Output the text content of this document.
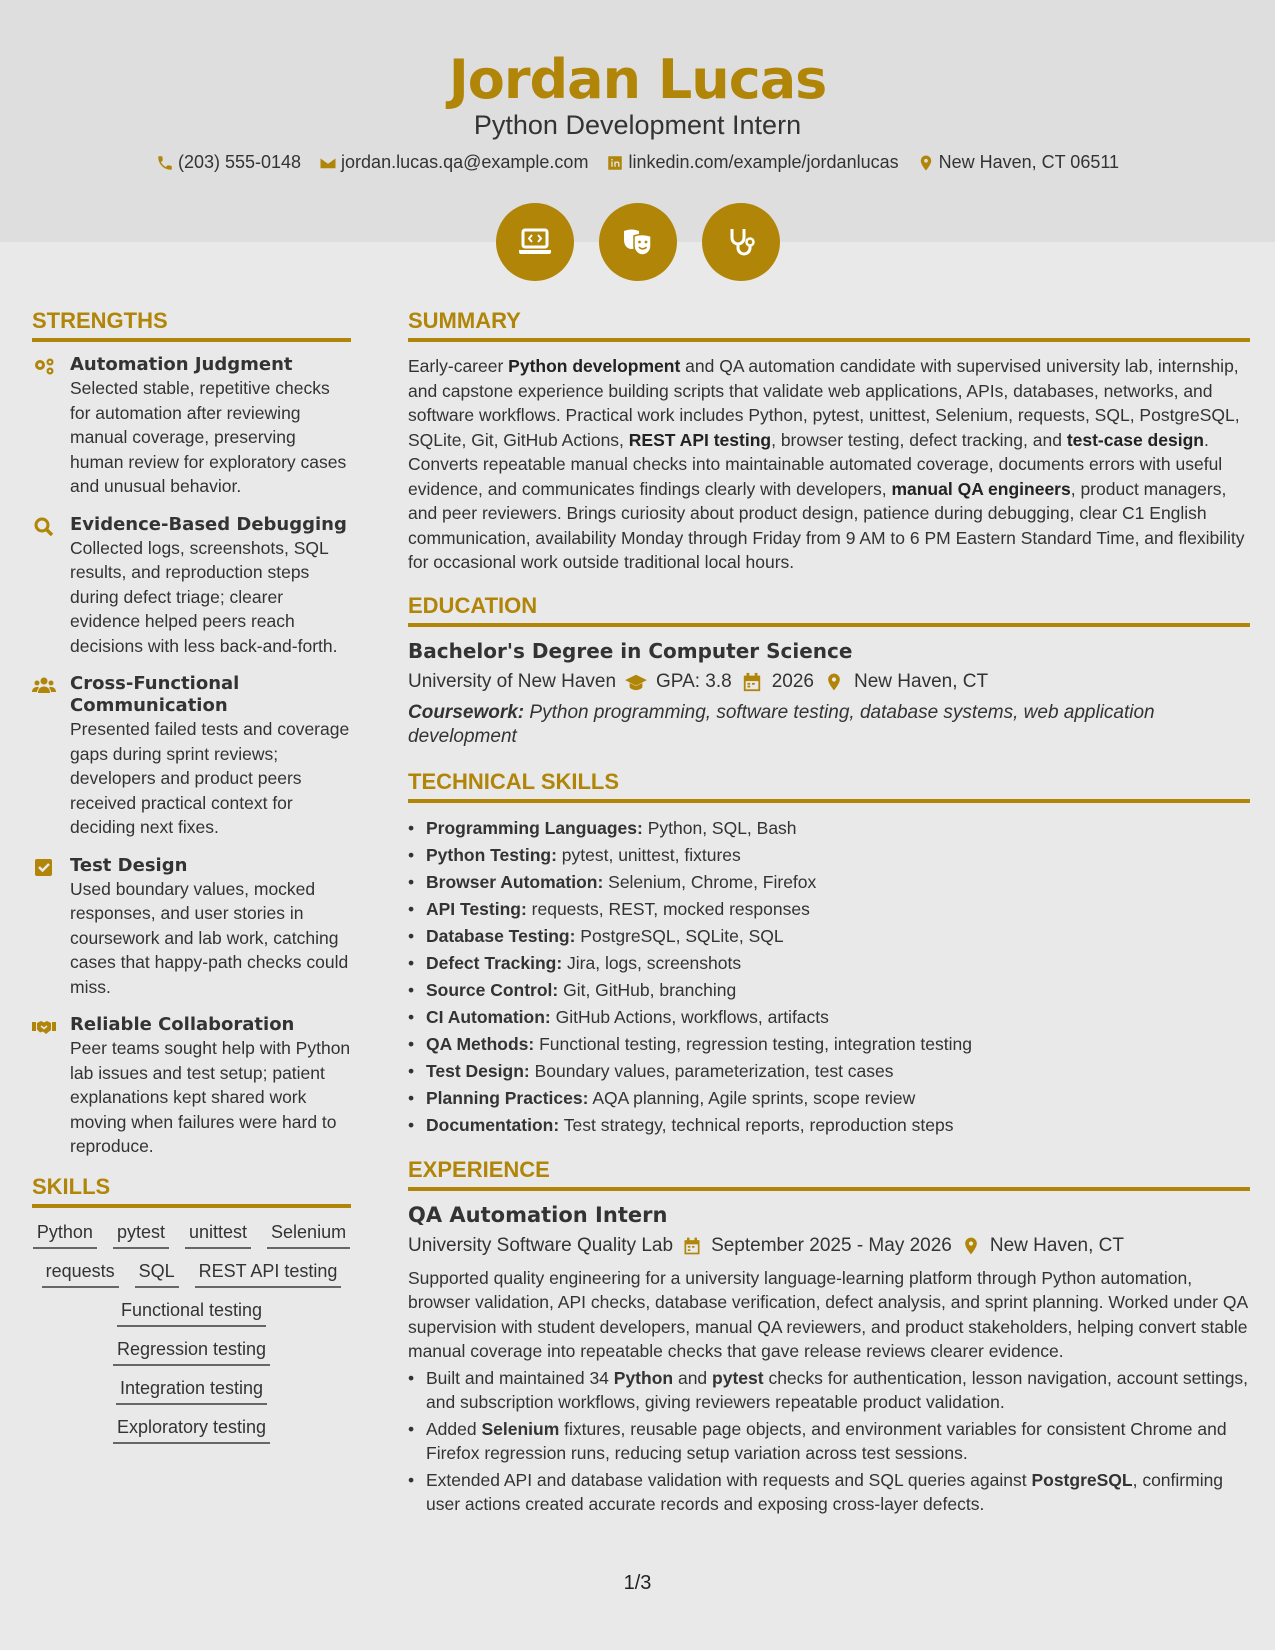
Jordan Lucas
Python Development Intern
(203) 555-0148 jordan.lucas.qa@example.com linkedin.com/example/jordanlucas New Haven, CT 06511
STRENGTHS
Automation Judgment
Selected stable, repetitive checks for automation after reviewing manual coverage, preserving human review for exploratory cases and unusual behavior.
Evidence-Based Debugging
Collected logs, screenshots, SQL results, and reproduction steps during defect triage; clearer evidence helped peers reach decisions with less back-and-forth.
Cross-Functional Communication
Presented failed tests and coverage gaps during sprint reviews; developers and product peers received practical context for deciding next fixes.
Test Design
Used boundary values, mocked responses, and user stories in coursework and lab work, catching cases that happy-path checks could miss.
Reliable Collaboration
Peer teams sought help with Python lab issues and test setup; patient explanations kept shared work moving when failures were hard to reproduce.
SKILLS
Python pytest unittest Selenium
requests SQL REST API testing
Functional testing
Regression testing
Integration testing
Exploratory testing
SUMMARY
Early-career Python development and QA automation candidate with supervised university lab, internship, and capstone experience building scripts that validate web applications, APIs, databases, networks, and software workflows. Practical work includes Python, pytest, unittest, Selenium, requests, SQL, PostgreSQL, SQLite, Git, GitHub Actions, REST API testing, browser testing, defect tracking, and test-case design. Converts repeatable manual checks into maintainable automated coverage, documents errors with useful evidence, and communicates findings clearly with developers, manual QA engineers, product managers, and peer reviewers. Brings curiosity about product design, patience during debugging, clear C1 English communication, availability Monday through Friday from 9 AM to 6 PM Eastern Standard Time, and flexibility for occasional work outside traditional local hours.
EDUCATION
Bachelor's Degree in Computer Science
University of New Haven GPA: 3.8 2026 New Haven, CT
Coursework: Python programming, software testing, database systems, web application development
TECHNICAL SKILLS
• Programming Languages: Python, SQL, Bash
• Python Testing: pytest, unittest, fixtures
• Browser Automation: Selenium, Chrome, Firefox
• API Testing: requests, REST, mocked responses
• Database Testing: PostgreSQL, SQLite, SQL
• Defect Tracking: Jira, logs, screenshots
• Source Control: Git, GitHub, branching
• CI Automation: GitHub Actions, workflows, artifacts
• QA Methods: Functional testing, regression testing, integration testing
• Test Design: Boundary values, parameterization, test cases
• Planning Practices: AQA planning, Agile sprints, scope review
• Documentation: Test strategy, technical reports, reproduction steps
EXPERIENCE
QA Automation Intern
University Software Quality Lab September 2025 - May 2026 New Haven, CT
Supported quality engineering for a university language-learning platform through Python automation, browser validation, API checks, database verification, defect analysis, and sprint planning. Worked under QA supervision with student developers, manual QA reviewers, and product stakeholders, helping convert stable manual coverage into repeatable checks that gave release reviews clearer evidence.
• Built and maintained 34 Python and pytest checks for authentication, lesson navigation, account settings, and subscription workflows, giving reviewers repeatable product validation.
• Added Selenium fixtures, reusable page objects, and environment variables for consistent Chrome and Firefox regression runs, reducing setup variation across test sessions.
• Extended API and database validation with requests and SQL queries against PostgreSQL, confirming user actions created accurate records and exposing cross-layer defects.
1/3
